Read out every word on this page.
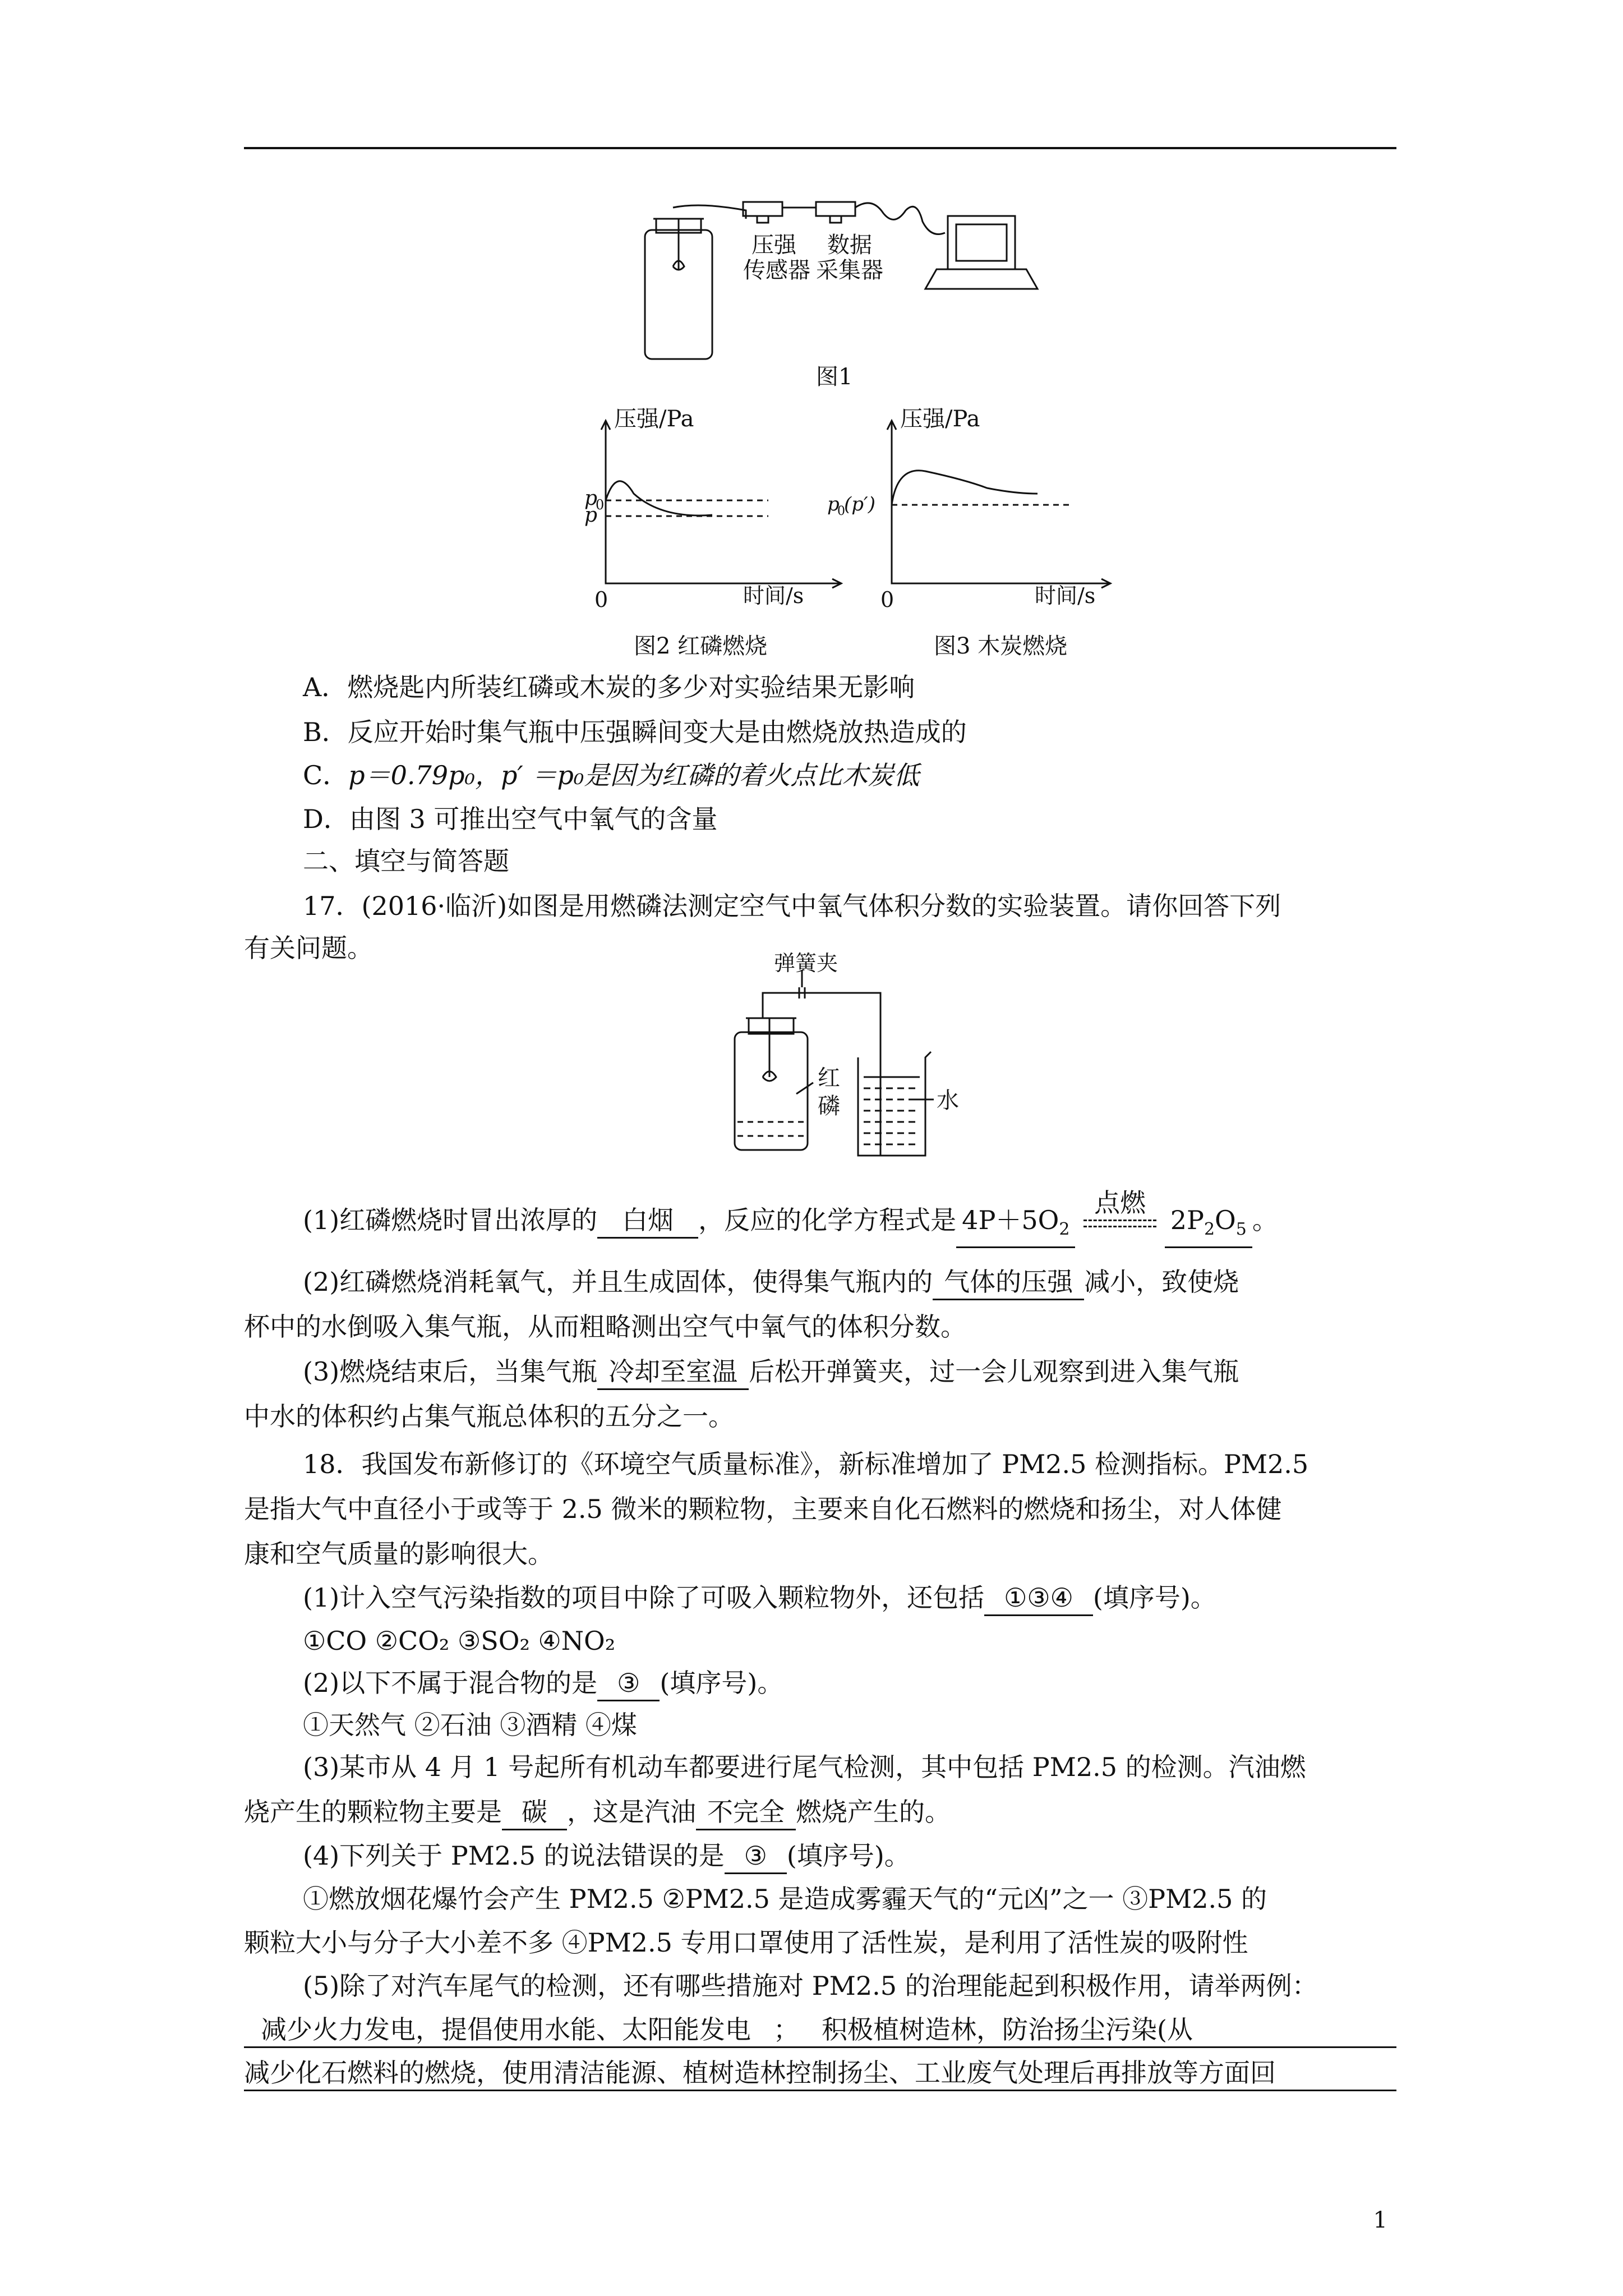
压强
传感器
数据
采集器
图1
压强/Pa
时间/s
0
p
0
p
图2 红磷燃烧
压强/Pa
时间/s
0
p
0
(p′)
图3 木炭燃烧
A．燃烧匙内所装红磷或木炭的多少对实验结果无影响
B．反应开始时集气瓶中压强瞬间变大是由燃烧放热造成的
C．p＝0.79p₀，p′ ＝p₀是因为红磷的着火点比木炭低
D．由图 3 可推出空气中氧气的含量
二、填空与简答题
17．(2016·临沂)如图是用燃磷法测定空气中氧气体积分数的实验装置。请你回答下列
有关问题。	弹簧夹
红
磷	水
(1)红磷燃烧时冒出浓厚的 白烟 ，反应的化学方程式是 $4P+5O_2$
点燃
$2P_2O_5$ 。
(2)红磷燃烧消耗氧气，并且生成固体，使得集气瓶内的 气体的压强 减小，致使烧
杯中的水倒吸入集气瓶，从而粗略测出空气中氧气的体积分数。
(3)燃烧结束后，当集气瓶 冷却至室温 后松开弹簧夹，过一会儿观察到进入集气瓶
中水的体积约占集气瓶总体积的五分之一。
18．我国发布新修订的《环境空气质量标准》，新标准增加了 PM2.5 检测指标。PM2.5
是指大气中直径小于或等于 2.5 微米的颗粒物，主要来自化石燃料的燃烧和扬尘，对人体健
康和空气质量的影响很大。
(1)计入空气污染指数的项目中除了可吸入颗粒物外，还包括 ①③④ (填序号)。
①CO ②CO₂ ③SO₂ ④NO₂
(2)以下不属于混合物的是 ③ (填序号)。
①天然气 ②石油 ③酒精 ④煤
(3)某市从 4 月 1 号起所有机动车都要进行尾气检测，其中包括 PM2.5 的检测。汽油燃
烧产生的颗粒物主要是 碳 ，这是汽油 不完全 燃烧产生的。
(4)下列关于 PM2.5 的说法错误的是 ③ (填序号)。
①燃放烟花爆竹会产生 PM2.5 ②PM2.5 是造成雾霾天气的“元凶”之一 ③PM2.5 的
颗粒大小与分子大小差不多 ④PM2.5 专用口罩使用了活性炭，是利用了活性炭的吸附性
(5)除了对汽车尾气的检测，还有哪些措施对 PM2.5 的治理能起到积极作用，请举两例：
减少火力发电，提倡使用水能、太阳能发电 ； 积极植树造林，防治扬尘污染(从
减少化石燃料的燃烧，使用清洁能源、植树造林控制扬尘、工业废气处理后再排放等方面回
1
